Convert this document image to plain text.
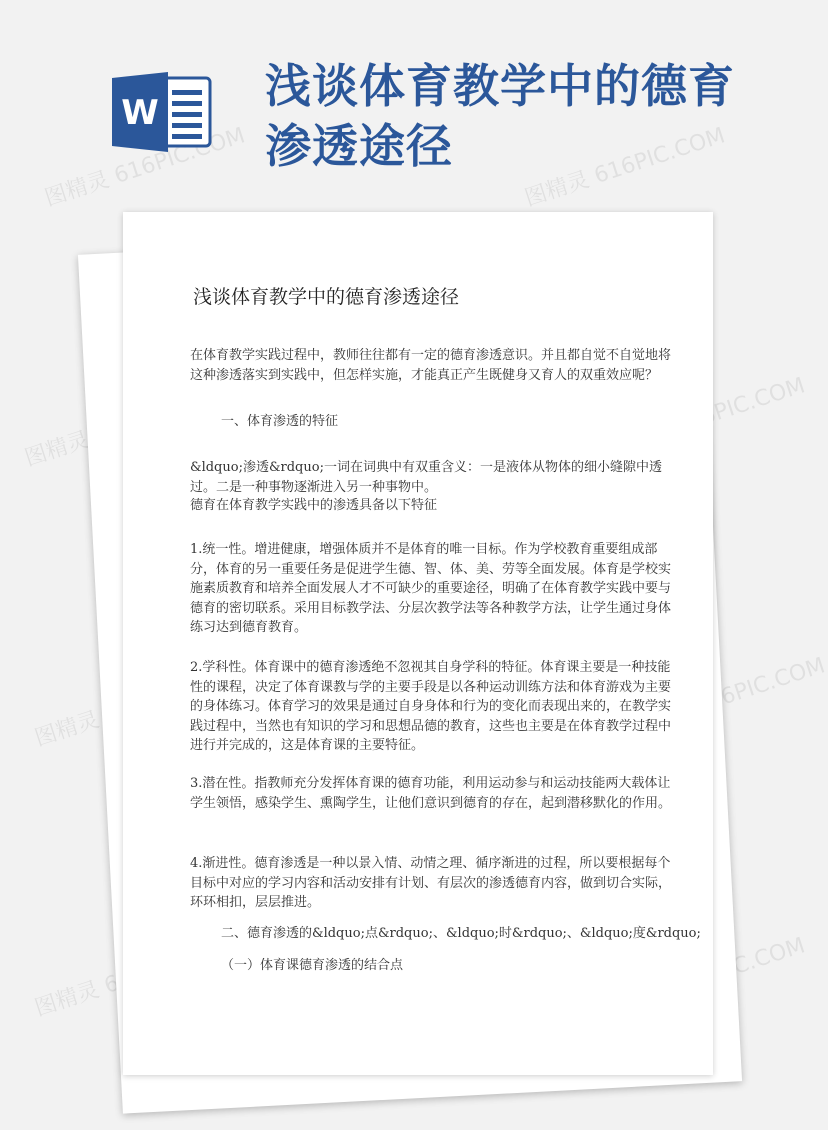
图精灵 616PIC.COM	图精灵 616PIC.COM
图精灵
616PIC.COM
图精灵	图精灵 616PIC.COM
图精灵
616PIC.COM
W 浅谈体育教学中的德育
渗透途径
浅谈体育教学中的德育渗透途径
在体育教学实践过程中，教师往往都有一定的德育渗透意识。并且都自觉不自觉地将这种渗透落实到实践中，但怎样实施，才能真正产生既健身又育人的双重效应呢？
一、体育渗透的特征
&ldquo;渗透&rdquo;一词在词典中有双重含义：一是液体从物体的细小缝隙中透过。二是一种事物逐渐进入另一种事物中。
德育在体育教学实践中的渗透具备以下特征
1.统一性。增进健康，增强体质并不是体育的唯一目标。作为学校教育重要组成部分，体育的另一重要任务是促进学生德、智、体、美、劳等全面发展。体育是学校实施素质教育和培养全面发展人才不可缺少的重要途径，明确了在体育教学实践中要与德育的密切联系。采用目标教学法、分层次教学法等各种教学方法，让学生通过身体练习达到德育教育。
2.学科性。体育课中的德育渗透绝不忽视其自身学科的特征。体育课主要是一种技能性的课程，决定了体育课教与学的主要手段是以各种运动训练方法和体育游戏为主要的身体练习。体育学习的效果是通过自身身体和行为的变化而表现出来的，在教学实践过程中，当然也有知识的学习和思想品德的教育，这些也主要是在体育教学过程中进行并完成的，这是体育课的主要特征。
3.潜在性。指教师充分发挥体育课的德育功能，利用运动参与和运动技能两大载体让学生领悟，感染学生、熏陶学生，让他们意识到德育的存在，起到潜移默化的作用。
4.渐进性。德育渗透是一种以景入情、动情之理、循序渐进的过程，所以要根据每个目标中对应的学习内容和活动安排有计划、有层次的渗透德育内容，做到切合实际，环环相扣，层层推进。
二、德育渗透的&ldquo;点&rdquo;、&ldquo;时&rdquo;、&ldquo;度&rdquo;
（一）体育课德育渗透的结合点
